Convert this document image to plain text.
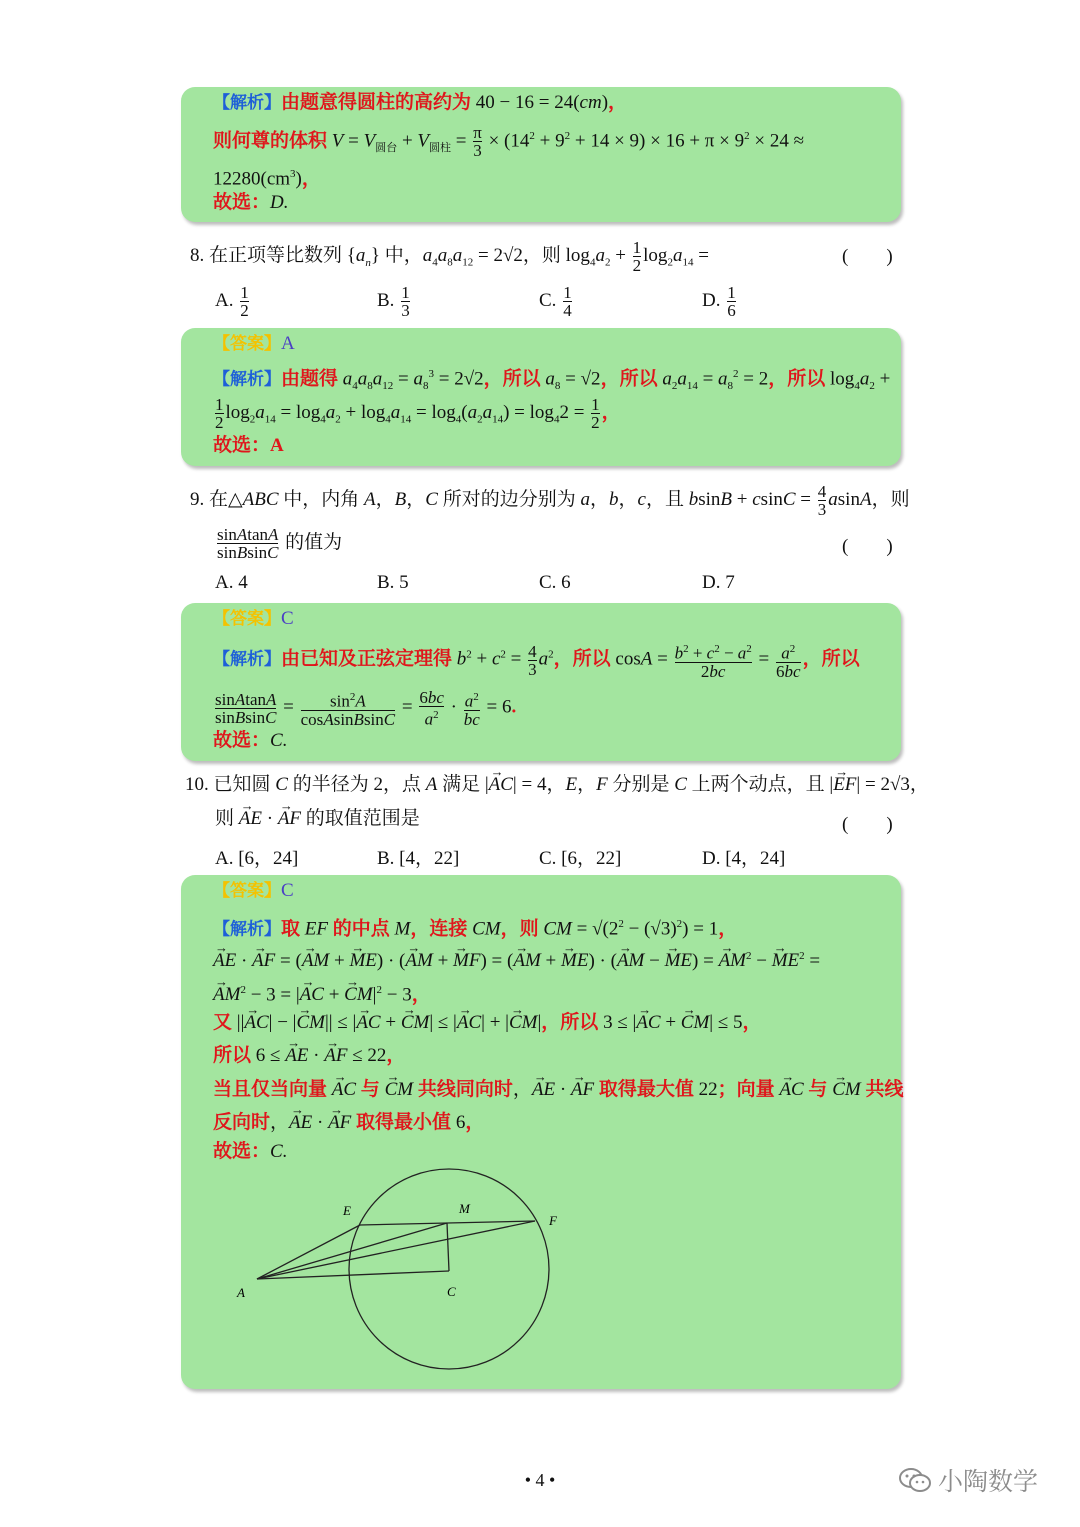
【解析】由题意得圆柱的高约为 40 − 16 = 24(cm)，
则何尊的体积 $V = V_{圆台} + V_{圆柱} = \frac{\pi}{3} \times (14^2 + 9^2 + 14 \times 9) \times 16 + \pi \times 9^2 \times 24$ ≈
$12280(cm^3)$，
故选：D.
8. 在正项等比数列 $\{a_n\}$ 中，$a_4a_8a_{12} = 2√2$，则 $\log_4a_2 + \frac{1}{2} \log_2a_{14}$ =	(　　)
A. $\frac{1}{2}$	B. $\frac{1}{3}$	C. $\frac{1}{4}$	D. $\frac{1}{6}$
【答案】A
【解析】由题得 $a_4a_8a_{12} = a_8^3 = 2√2$，所以 $a_8 = √2$，所以 $a_2a_{14} = a_8^2 = 2$，所以 $\log_4a_2$ +
$\frac{1}{2} \log_2a_{14} = \log_4a_2 + \log_4a_{14} = \log_4(a_2a_{14}) = \log_42 = \frac{1}{2}$ ，
故选：A
9. 在△ABC 中，内角 A，B，C 所对的边分别为 a，b，c，且 $bsinB + csinC = \frac{4}{3}$ asinA，则
$\frac{\text{sinAtanA}}{\text{sinBsinC}}$ 的值为	(　　)
A. 4	B. 5	C. 6	D. 7
【答案】C
【解析】由已知及正弦定理得 $b^2 + c^2 = \frac{4}{3} a^2$，所以 $\cos A = \frac{b^2 + c^2 - a^2}{2bc} = \frac{a^2}{6bc}$ ，所以
$\frac{\text{sinAtanA}}{\text{sinBsinC}} = \frac{\sin^2A}{\text{cosAsinBsinC}} = \frac{6bc}{a^2} \cdot \frac{a^2}{bc} = 6$.
故选：C.
10. 已知圆 C 的半径为 2，点 A 满足 |→ AC| = 4，E，F 分别是 C 上两个动点，且 |→ EF| = 2√3，
则 → AE · → AF 的取值范围是	(　　)
A. [6，24]	B. [4，22]	C. [6，22]	D. [4，24]
【答案】C
【解析】取 EF 的中点 M，连接 CM，则 CM = $√(2^2 - (√3)^2) = 1$，
→ AE · → AF = (→ AM + → ME) · (→ AM + → MF) = (→ AM + → ME) · (→ AM − → ME) = → $AM^2$ − → $ME^2$ =
→ $AM^2 - 3$ = |→ AC + → $CM|^2 - 3$，
又 ||→ AC| − |→ CM|| ≤ |→ AC + → CM| ≤ |→ AC| + |→ CM|，所以 3 ≤ |→ AC + → CM| ≤ 5，
所以 6 ≤ → AE · → AF ≤ 22，
当且仅当向量 → AC 与 → CM 共线同向时，→ AE · → AF 取得最大值 22；向量 → AC 与 → CM 共线
反向时，→ AE · → AF 取得最小值 6，
故选：C.
E	M
F
A	C
• 4 •	小陶数学
